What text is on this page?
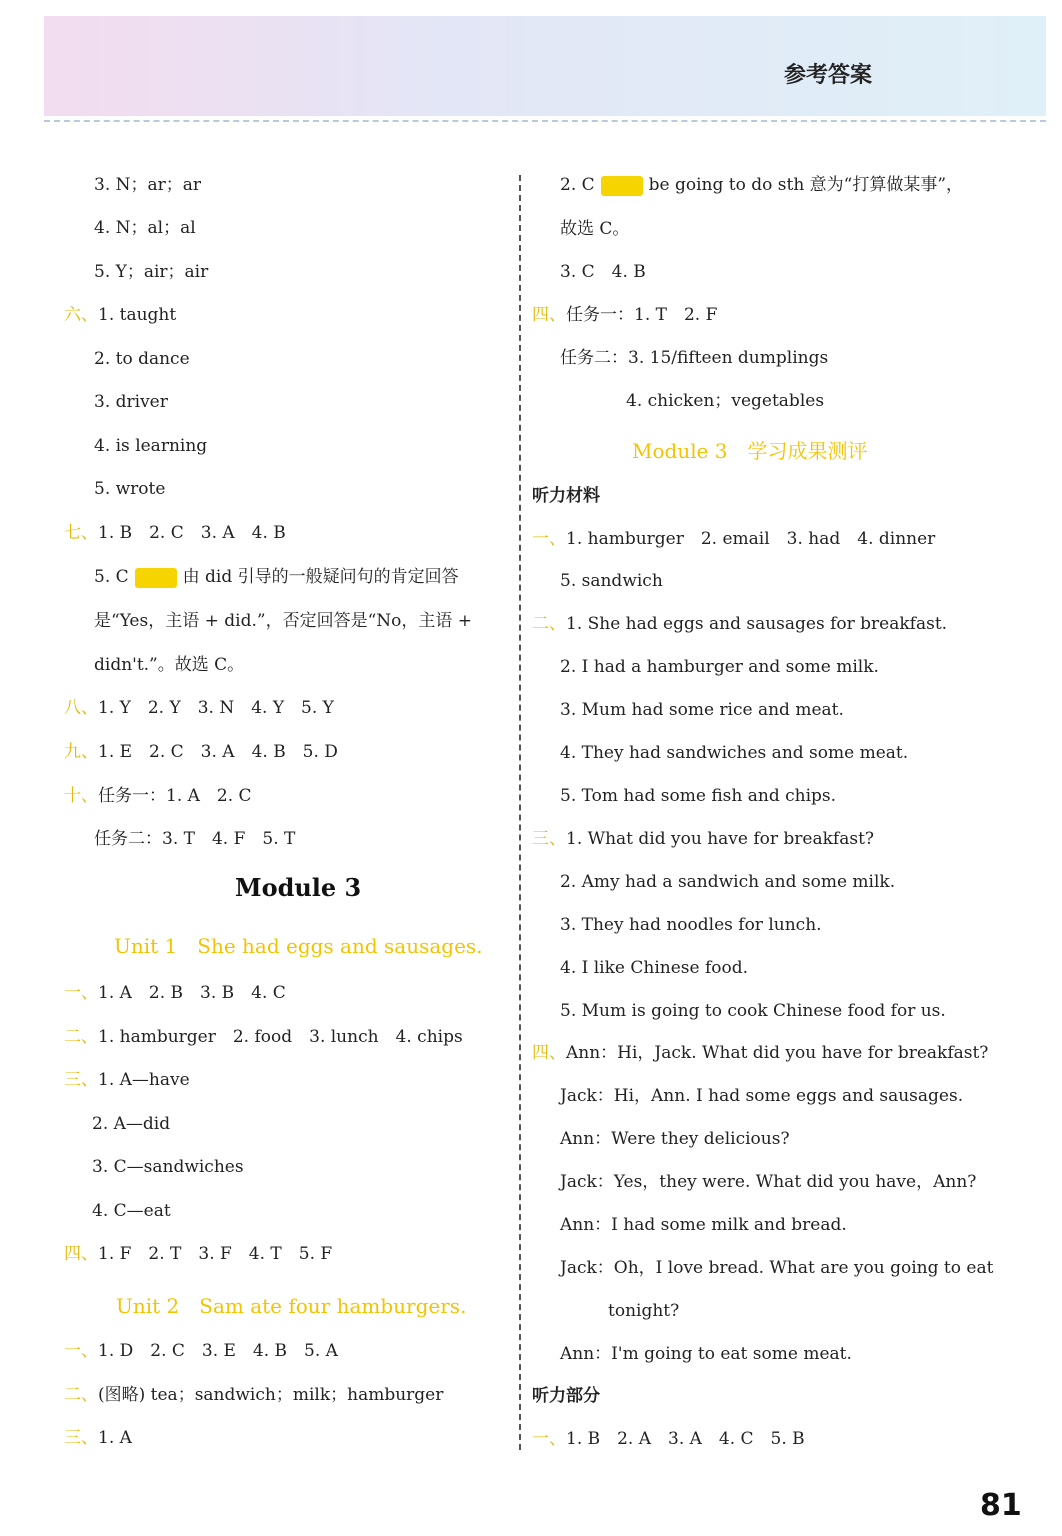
参考答案
3. N；ar；ar
4. N；al；al
5. Y；air；air
六、1. taught
2. to dance
3. driver
4. is learning
5. wrote
七、1. B　2. C　3. A　4. B
5. C	由 did 引导的一般疑问句的肯定回答
是“Yes，主语 + did.”，否定回答是“No，主语 +
didn't.”。故选 C。
八、1. Y　2. Y　3. N　4. Y　5. Y
九、1. E　2. C　3. A　4. B　5. D
十、任务一：1. A　2. C
任务二：3. T　4. F　5. T
Module 3
Unit 1　She had eggs and sausages.
一、1. A　2. B　3. B　4. C
二、1. hamburger　2. food　3. lunch　4. chips
三、1. A—have
2. A—did
3. C—sandwiches
4. C—eat
四、1. F　2. T　3. F　4. T　5. F
Unit 2　Sam ate four hamburgers.
一、1. D　2. C　3. E　4. B　5. A
二、(图略) tea；sandwich；milk；hamburger
三、1. A
2. C	be going to do sth 意为“打算做某事”，
故选 C。
3. C　4. B
四、任务一：1. T　2. F
任务二：3. 15/fifteen dumplings
4. chicken；vegetables
Module 3　学习成果测评
听力材料
一、1. hamburger　2. email　3. had　4. dinner
5. sandwich
二、1. She had eggs and sausages for breakfast.
2. I had a hamburger and some milk.
3. Mum had some rice and meat.
4. They had sandwiches and some meat.
5. Tom had some fish and chips.
三、1. What did you have for breakfast?
2. Amy had a sandwich and some milk.
3. They had noodles for lunch.
4. I like Chinese food.
5. Mum is going to cook Chinese food for us.
四、Ann：Hi，Jack. What did you have for breakfast?
Jack：Hi，Ann. I had some eggs and sausages.
Ann：Were they delicious?
Jack：Yes，they were. What did you have，Ann?
Ann：I had some milk and bread.
Jack：Oh，I love bread. What are you going to eat
tonight?
Ann：I'm going to eat some meat.
听力部分
一、1. B　2. A　3. A　4. C　5. B
81
